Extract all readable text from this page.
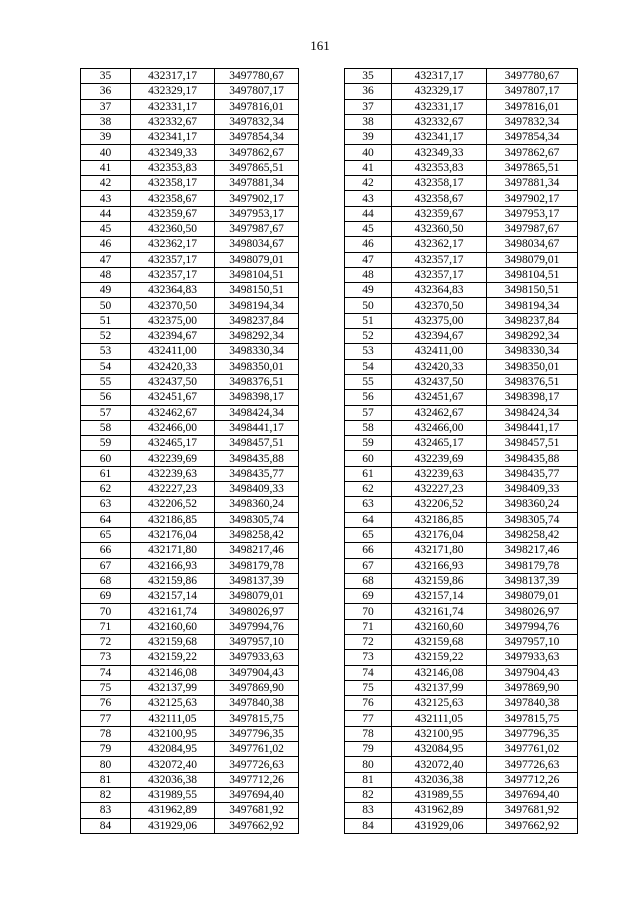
161
35	432317,17	3497780,67		35	432317,17	3497780,67
36	432329,17	3497807,17		36	432329,17	3497807,17
37	432331,17	3497816,01		37	432331,17	3497816,01
38	432332,67	3497832,34		38	432332,67	3497832,34
39	432341,17	3497854,34		39	432341,17	3497854,34
40	432349,33	3497862,67		40	432349,33	3497862,67
41	432353,83	3497865,51		41	432353,83	3497865,51
42	432358,17	3497881,34		42	432358,17	3497881,34
43	432358,67	3497902,17		43	432358,67	3497902,17
44	432359,67	3497953,17		44	432359,67	3497953,17
45	432360,50	3497987,67		45	432360,50	3497987,67
46	432362,17	3498034,67		46	432362,17	3498034,67
47	432357,17	3498079,01		47	432357,17	3498079,01
48	432357,17	3498104,51		48	432357,17	3498104,51
49	432364,83	3498150,51		49	432364,83	3498150,51
50	432370,50	3498194,34		50	432370,50	3498194,34
51	432375,00	3498237,84		51	432375,00	3498237,84
52	432394,67	3498292,34		52	432394,67	3498292,34
53	432411,00	3498330,34		53	432411,00	3498330,34
54	432420,33	3498350,01		54	432420,33	3498350,01
55	432437,50	3498376,51		55	432437,50	3498376,51
56	432451,67	3498398,17		56	432451,67	3498398,17
57	432462,67	3498424,34		57	432462,67	3498424,34
58	432466,00	3498441,17		58	432466,00	3498441,17
59	432465,17	3498457,51		59	432465,17	3498457,51
60	432239,69	3498435,88		60	432239,69	3498435,88
61	432239,63	3498435,77		61	432239,63	3498435,77
62	432227,23	3498409,33		62	432227,23	3498409,33
63	432206,52	3498360,24		63	432206,52	3498360,24
64	432186,85	3498305,74		64	432186,85	3498305,74
65	432176,04	3498258,42		65	432176,04	3498258,42
66	432171,80	3498217,46		66	432171,80	3498217,46
67	432166,93	3498179,78		67	432166,93	3498179,78
68	432159,86	3498137,39		68	432159,86	3498137,39
69	432157,14	3498079,01		69	432157,14	3498079,01
70	432161,74	3498026,97		70	432161,74	3498026,97
71	432160,60	3497994,76		71	432160,60	3497994,76
72	432159,68	3497957,10		72	432159,68	3497957,10
73	432159,22	3497933,63		73	432159,22	3497933,63
74	432146,08	3497904,43		74	432146,08	3497904,43
75	432137,99	3497869,90		75	432137,99	3497869,90
76	432125,63	3497840,38		76	432125,63	3497840,38
77	432111,05	3497815,75		77	432111,05	3497815,75
78	432100,95	3497796,35		78	432100,95	3497796,35
79	432084,95	3497761,02		79	432084,95	3497761,02
80	432072,40	3497726,63		80	432072,40	3497726,63
81	432036,38	3497712,26		81	432036,38	3497712,26
82	431989,55	3497694,40		82	431989,55	3497694,40
83	431962,89	3497681,92		83	431962,89	3497681,92
84	431929,06	3497662,92		84	431929,06	3497662,92
